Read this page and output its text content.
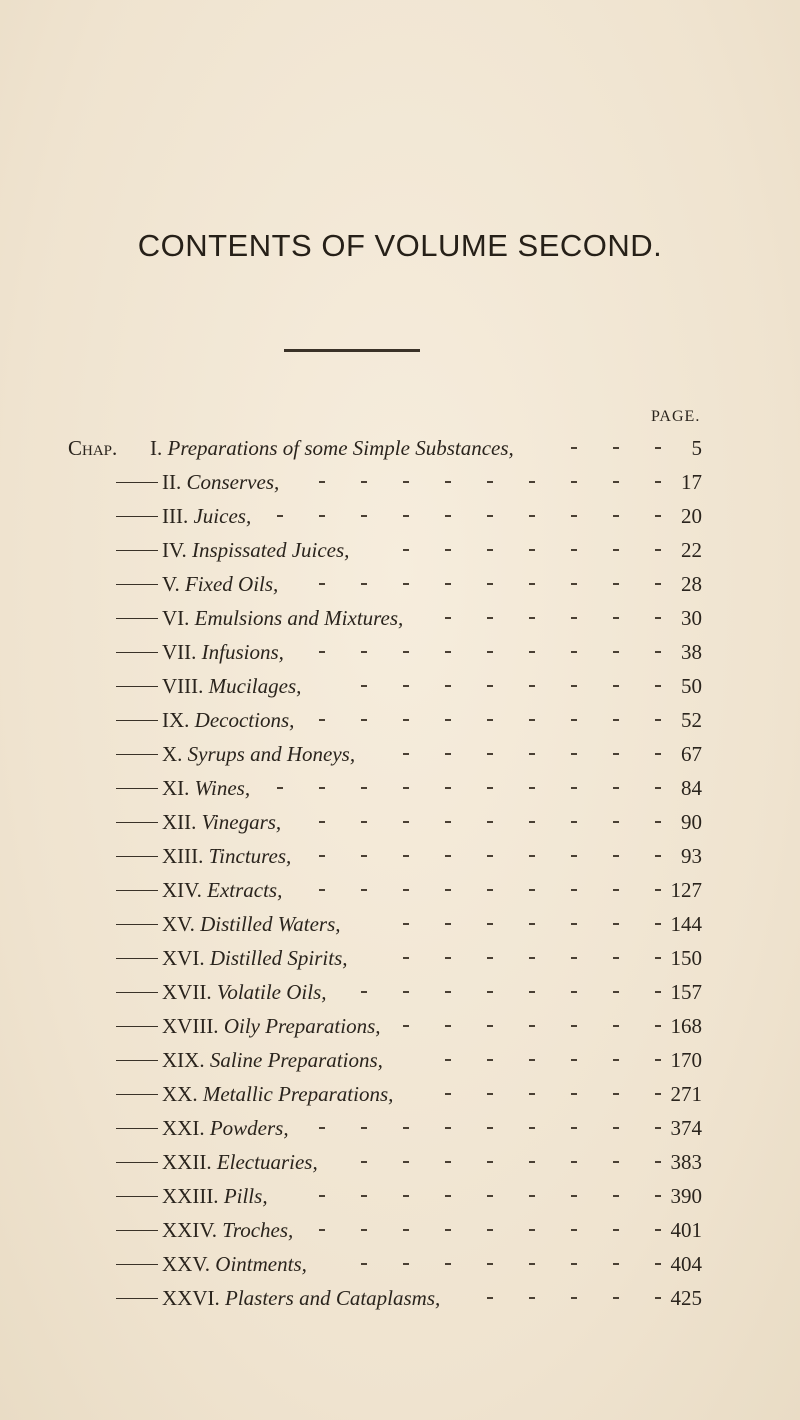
CONTENTS OF VOLUME SECOND.
PAGE.
Chap. I. Preparations of some Simple Substances,	5
II. Conserves,	17
III. Juices,	20
IV. Inspissated Juices,	22
V. Fixed Oils,	28
VI. Emulsions and Mixtures,	30
VII. Infusions,	38
VIII. Mucilages,	50
IX. Decoctions,	52
X. Syrups and Honeys,	67
XI. Wines,	84
XII. Vinegars,	90
XIII. Tinctures,	93
XIV. Extracts,	127
XV. Distilled Waters,	144
XVI. Distilled Spirits,	150
XVII. Volatile Oils,	157
XVIII. Oily Preparations,	168
XIX. Saline Preparations,	170
XX. Metallic Preparations,	271
XXI. Powders,	374
XXII. Electuaries,	383
XXIII. Pills,	390
XXIV. Troches,	401
XXV. Ointments,	404
XXVI. Plasters and Cataplasms,	425
